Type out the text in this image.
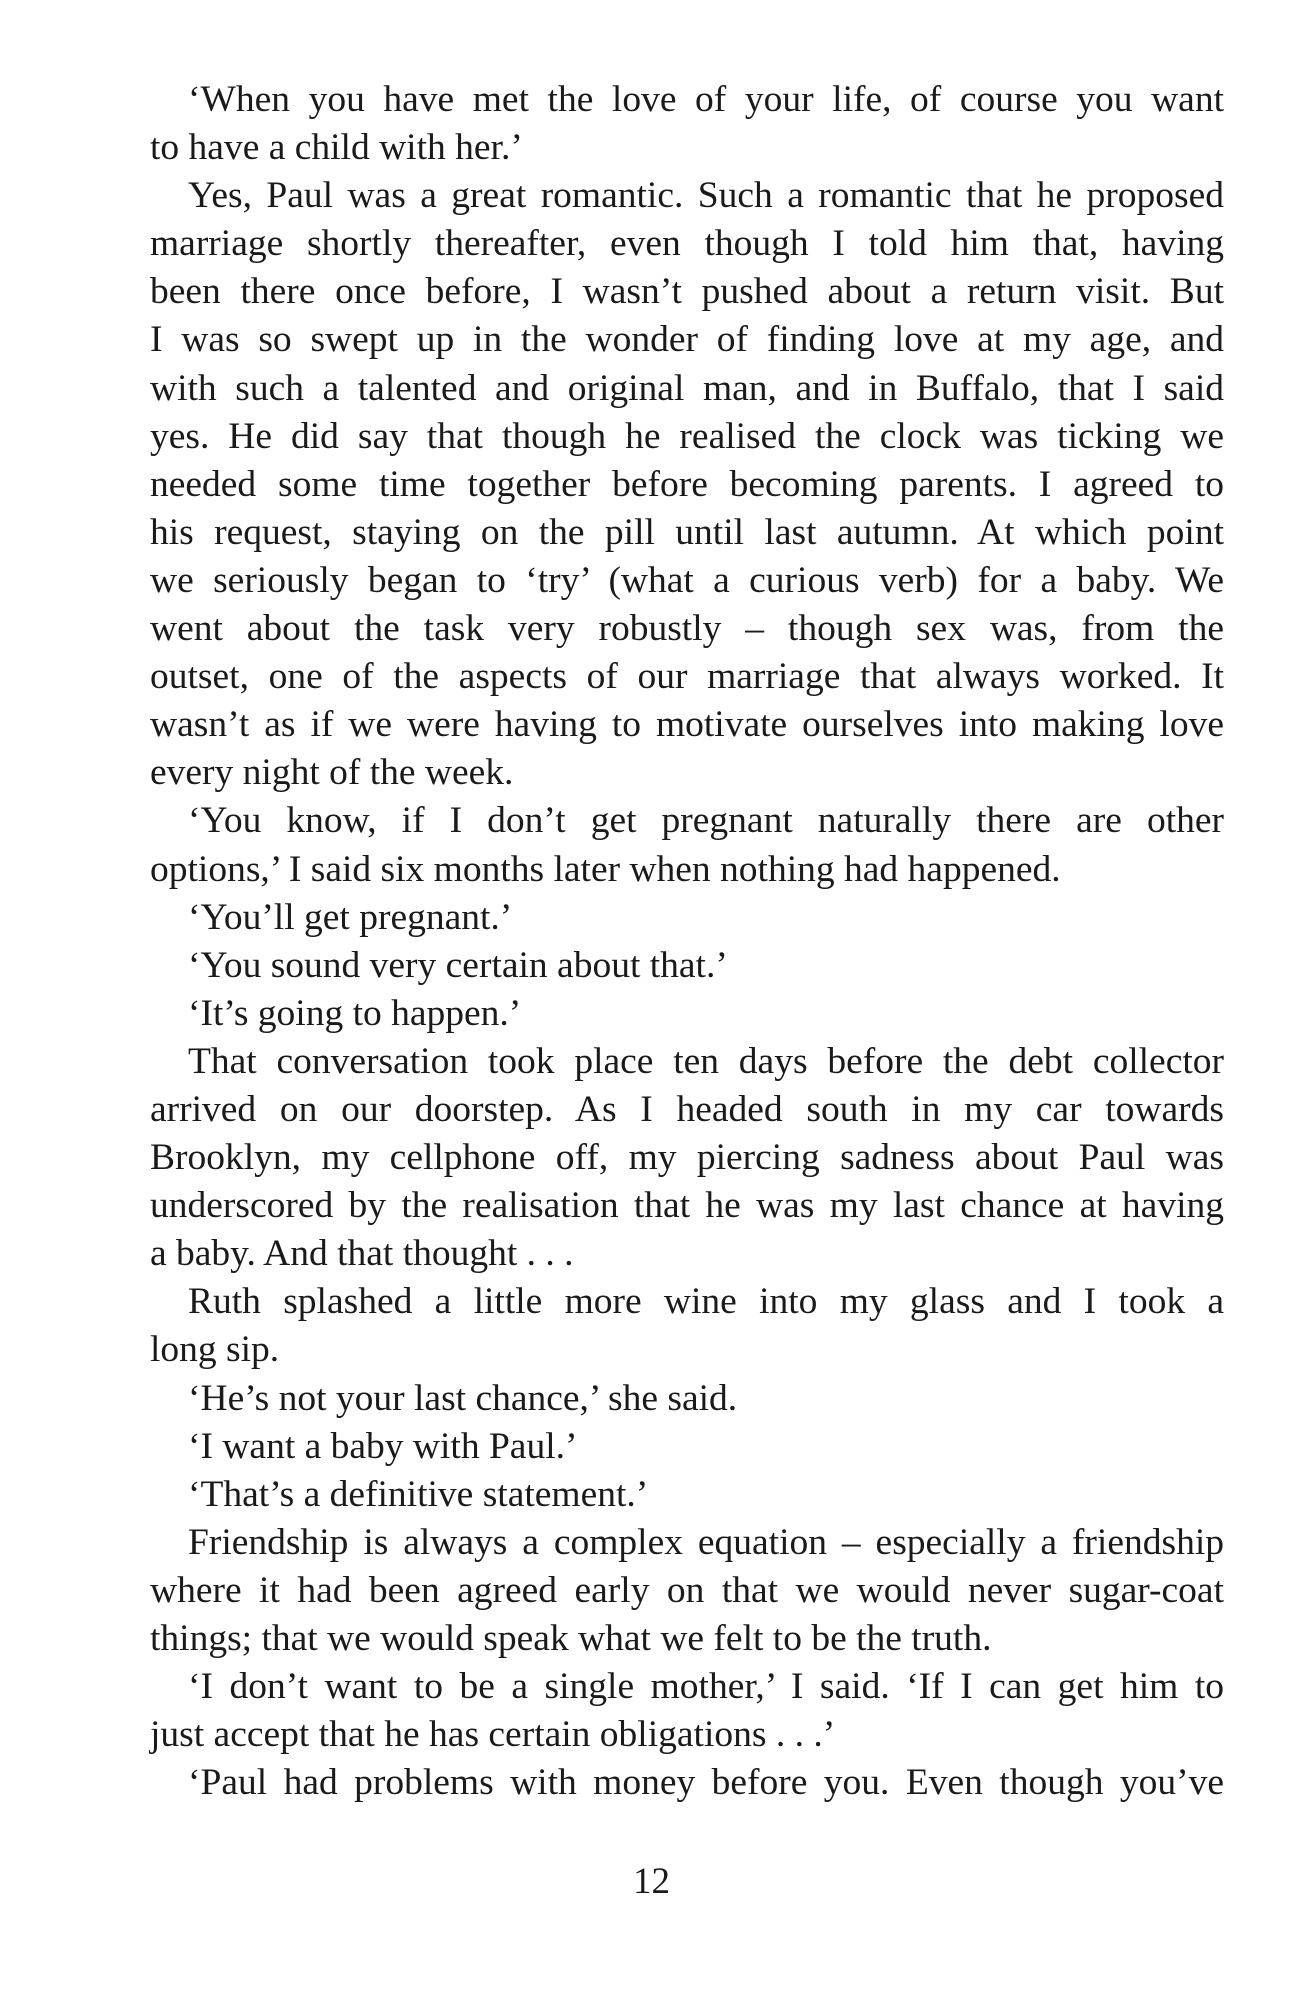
‘When you have met the love of your life, of course you want
to have a child with her.’
Yes, Paul was a great romantic. Such a romantic that he proposed
marriage shortly thereafter, even though I told him that, having
been there once before, I wasn’t pushed about a return visit. But
I was so swept up in the wonder of finding love at my age, and
with such a talented and original man, and in Buffalo, that I said
yes. He did say that though he realised the clock was ticking we
needed some time together before becoming parents. I agreed to
his request, staying on the pill until last autumn. At which point
we seriously began to ‘try’ (what a curious verb) for a baby. We
went about the task very robustly – though sex was, from the
outset, one of the aspects of our marriage that always worked. It
wasn’t as if we were having to motivate ourselves into making love
every night of the week.
‘You know, if I don’t get pregnant naturally there are other
options,’ I said six months later when nothing had happened.
‘You’ll get pregnant.’
‘You sound very certain about that.’
‘It’s going to happen.’
That conversation took place ten days before the debt collector
arrived on our doorstep. As I headed south in my car towards
Brooklyn, my cellphone off, my piercing sadness about Paul was
underscored by the realisation that he was my last chance at having
a baby. And that thought . . .
Ruth splashed a little more wine into my glass and I took a
long sip.
‘He’s not your last chance,’ she said.
‘I want a baby with Paul.’
‘That’s a definitive statement.’
Friendship is always a complex equation – especially a friendship
where it had been agreed early on that we would never sugar-coat
things; that we would speak what we felt to be the truth.
‘I don’t want to be a single mother,’ I said. ‘If I can get him to
just accept that he has certain obligations . . .’
‘Paul had problems with money before you. Even though you’ve
12
